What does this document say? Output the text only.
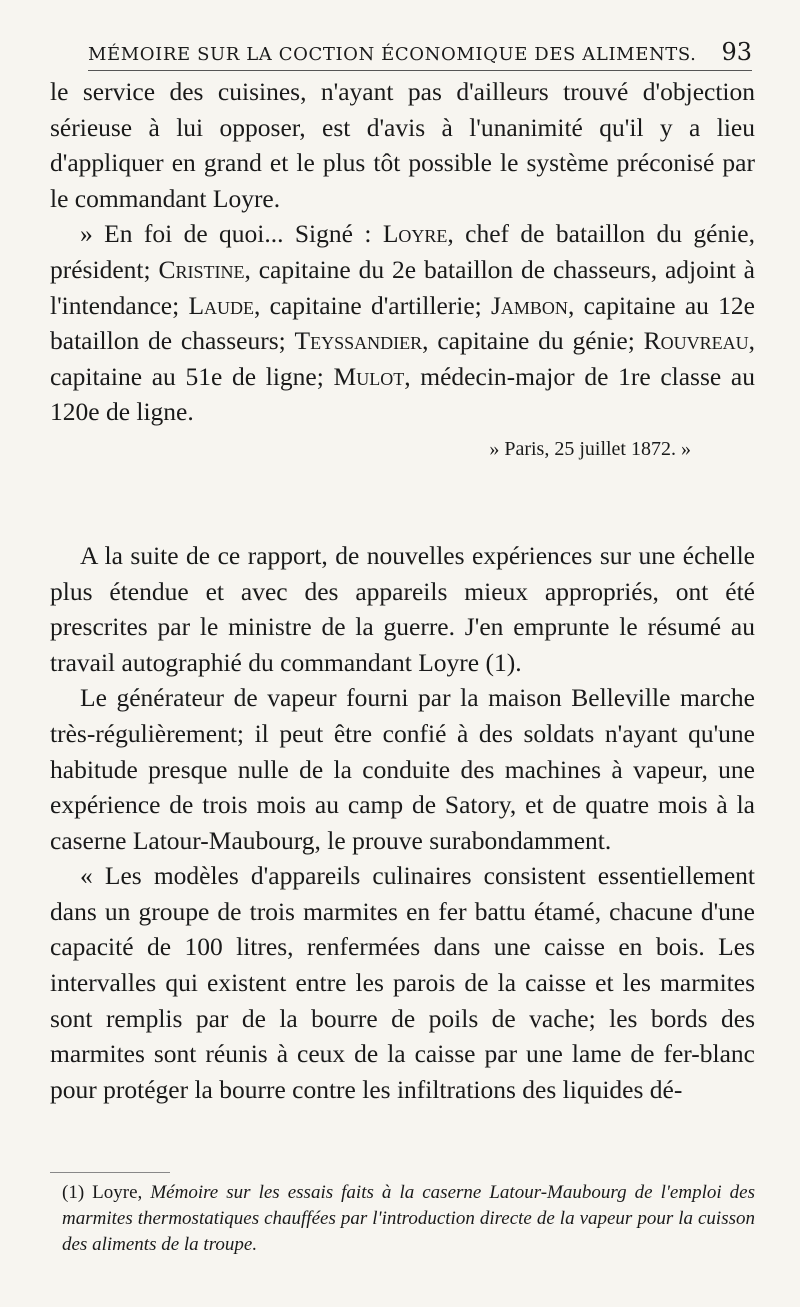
MÉMOIRE SUR LA COCTION ÉCONOMIQUE DES ALIMENTS. 93

le service des cuisines, n'ayant pas d'ailleurs trouvé d'objection sérieuse à lui opposer, est d'avis à l'unanimité qu'il y a lieu d'appliquer en grand et le plus tôt possible le système préconisé par le commandant Loyre.

» En foi de quoi... Signé : Loyre, chef de bataillon du génie, président; Cristine, capitaine du 2e bataillon de chasseurs, adjoint à l'intendance; Laude, capitaine d'artillerie; Jambon, capitaine au 12e bataillon de chasseurs; Teyssandier, capitaine du génie; Rouvreau, capitaine au 51e de ligne; Mulot, médecin-major de 1re classe au 120e de ligne.

» Paris, 25 juillet 1872. »

A la suite de ce rapport, de nouvelles expériences sur une échelle plus étendue et avec des appareils mieux appropriés, ont été prescrites par le ministre de la guerre. J'en emprunte le résumé au travail autographié du commandant Loyre (1).

Le générateur de vapeur fourni par la maison Belleville marche très-régulièrement; il peut être confié à des soldats n'ayant qu'une habitude presque nulle de la conduite des machines à vapeur, une expérience de trois mois au camp de Satory, et de quatre mois à la caserne Latour-Maubourg, le prouve surabondamment.

« Les modèles d'appareils culinaires consistent essentiellement dans un groupe de trois marmites en fer battu étamé, chacune d'une capacité de 100 litres, renfermées dans une caisse en bois. Les intervalles qui existent entre les parois de la caisse et les marmites sont remplis par de la bourre de poils de vache; les bords des marmites sont réunis à ceux de la caisse par une lame de fer-blanc pour protéger la bourre contre les infiltrations des liquides dé-

(1) Loyre, Mémoire sur les essais faits à la caserne Latour-Maubourg de l'emploi des marmites thermostatiques chauffées par l'introduction directe de la vapeur pour la cuisson des aliments de la troupe.
